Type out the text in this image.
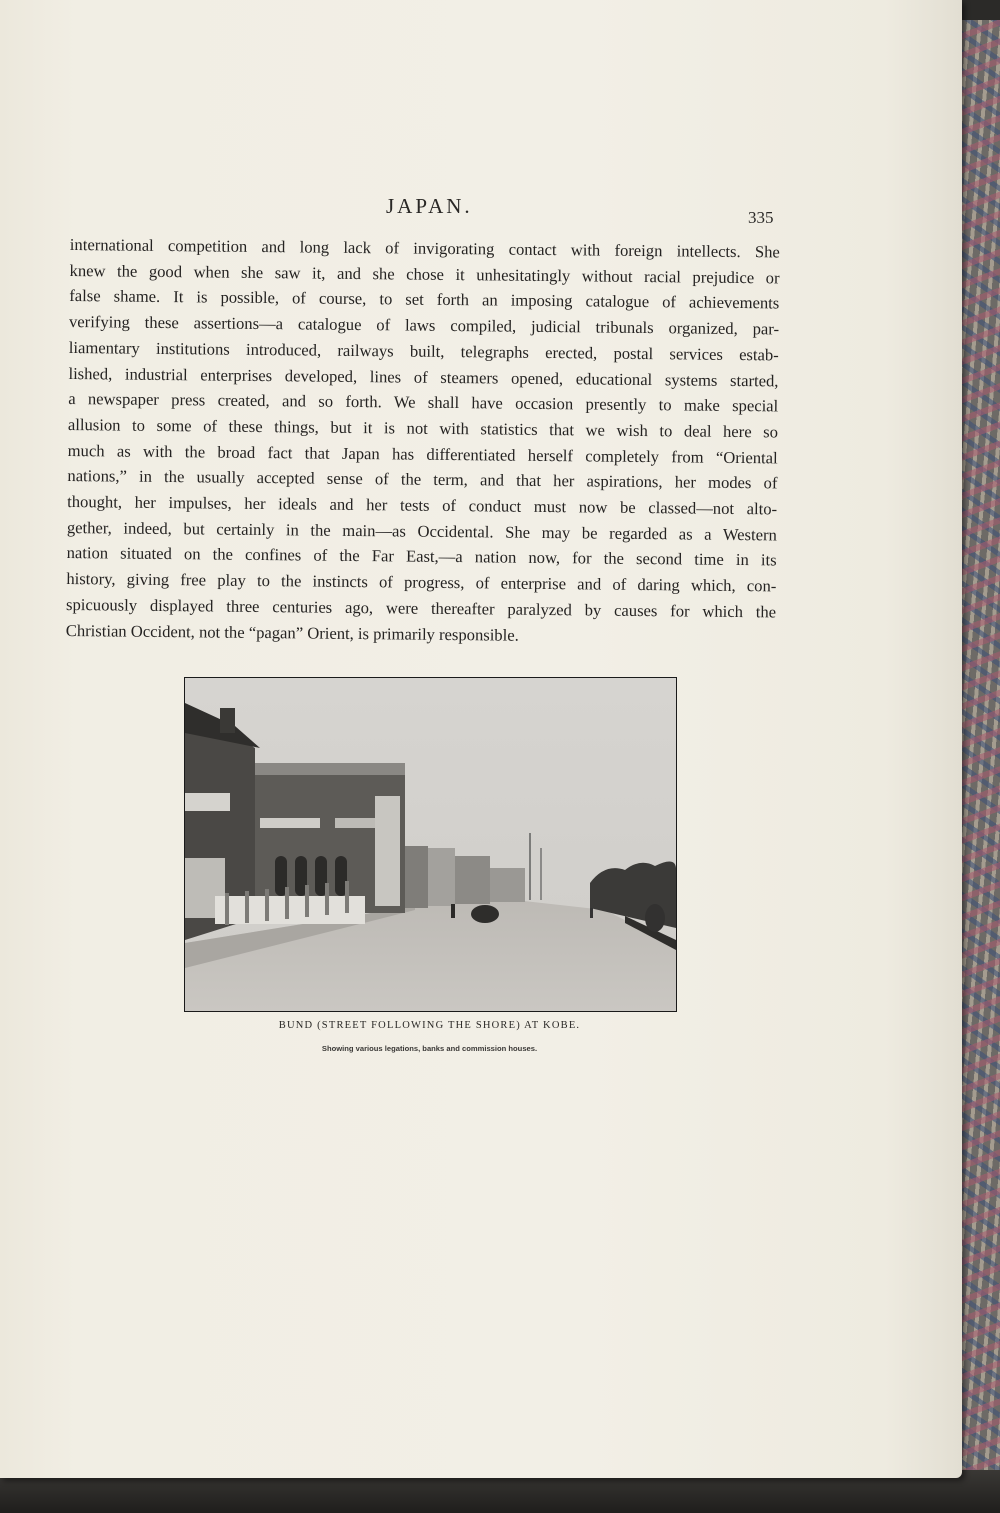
JAPAN.	335
international competition and long lack of invigorating contact with foreign intellects. She
knew the good when she saw it, and she chose it unhesitatingly without racial prejudice or
false shame. It is possible, of course, to set forth an imposing catalogue of achievements
verifying these assertions—a catalogue of laws compiled, judicial tribunals organized, par-
liamentary institutions introduced, railways built, telegraphs erected, postal services estab-
lished, industrial enterprises developed, lines of steamers opened, educational systems started,
a newspaper press created, and so forth. We shall have occasion presently to make special
allusion to some of these things, but it is not with statistics that we wish to deal here so
much as with the broad fact that Japan has differentiated herself completely from “Oriental
nations,” in the usually accepted sense of the term, and that her aspirations, her modes of
thought, her impulses, her ideals and her tests of conduct must now be classed—not alto-
gether, indeed, but certainly in the main—as Occidental. She may be regarded as a Western
nation situated on the confines of the Far East,—a nation now, for the second time in its
history, giving free play to the instincts of progress, of enterprise and of daring which, con-
spicuously displayed three centuries ago, were thereafter paralyzed by causes for which the
Christian Occident, not the “pagan” Orient, is primarily responsible.
BUND (STREET FOLLOWING THE SHORE) AT KOBE.
Showing various legations, banks and commission houses.
